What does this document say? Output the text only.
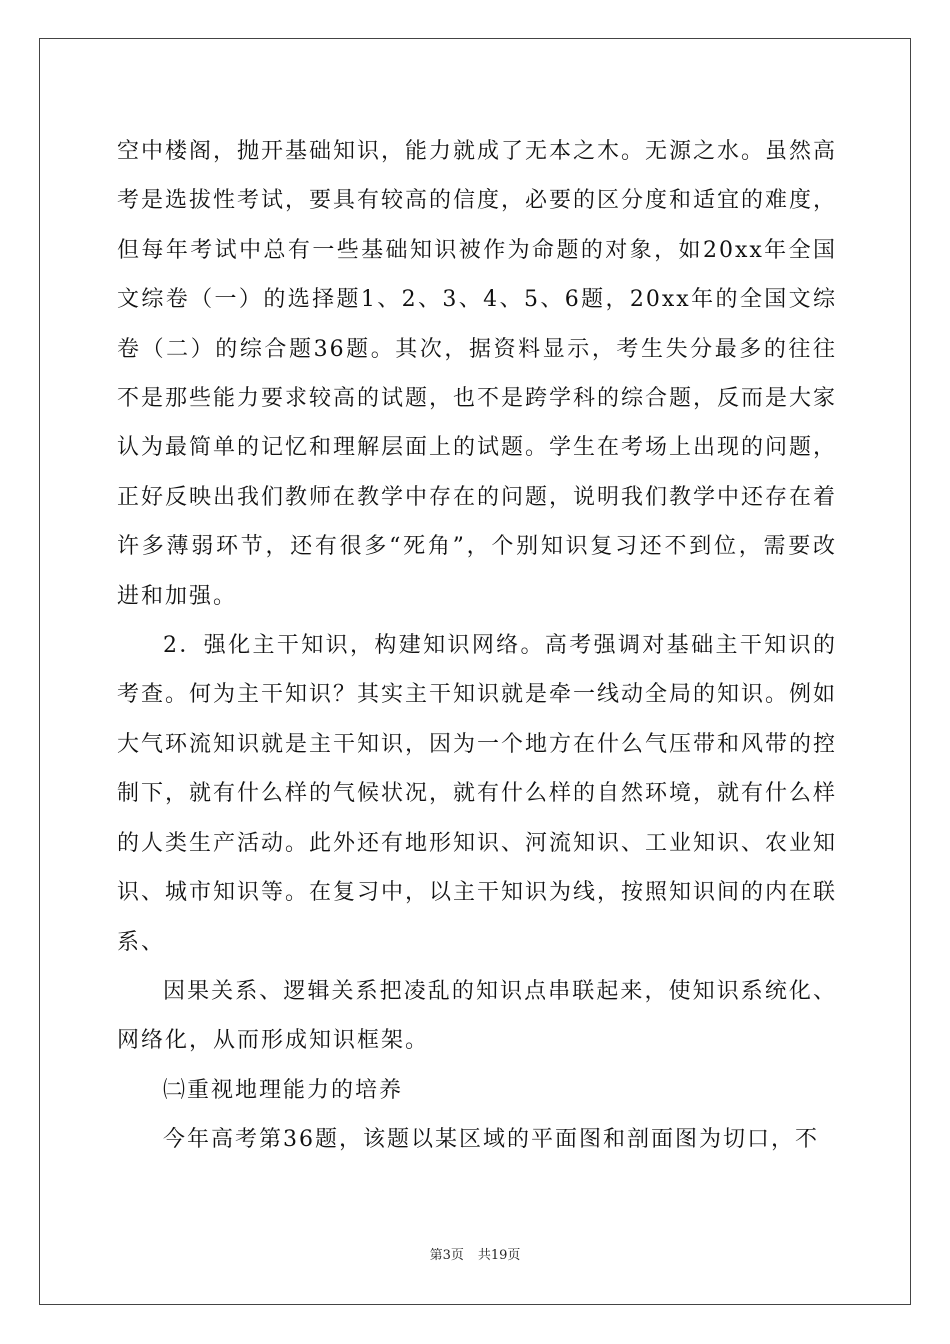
空中楼阁，抛开基础知识，能力就成了无本之木。无源之水。虽然高考是选拔性考试，要具有较高的信度，必要的区分度和适宜的难度，但每年考试中总有一些基础知识被作为命题的对象，如20xx年全国文综卷（一）的选择题1、2、3、4、5、6题，20xx年的全国文综卷（二）的综合题36题。其次，据资料显示，考生失分最多的往往不是那些能力要求较高的试题，也不是跨学科的综合题，反而是大家认为最简单的记忆和理解层面上的试题。学生在考场上出现的问题，正好反映出我们教师在教学中存在的问题，说明我们教学中还存在着许多薄弱环节，还有很多“死角”，个别知识复习还不到位，需要改进和加强。

2．强化主干知识，构建知识网络。高考强调对基础主干知识的考查。何为主干知识？其实主干知识就是牵一线动全局的知识。例如大气环流知识就是主干知识，因为一个地方在什么气压带和风带的控制下，就有什么样的气候状况，就有什么样的自然环境，就有什么样的人类生产活动。此外还有地形知识、河流知识、工业知识、农业知识、城市知识等。在复习中，以主干知识为线，按照知识间的内在联系、

因果关系、逻辑关系把凌乱的知识点串联起来，使知识系统化、网络化，从而形成知识框架。

㈡重视地理能力的培养

今年高考第36题，该题以某区域的平面图和剖面图为切口，不

第3页 共19页
